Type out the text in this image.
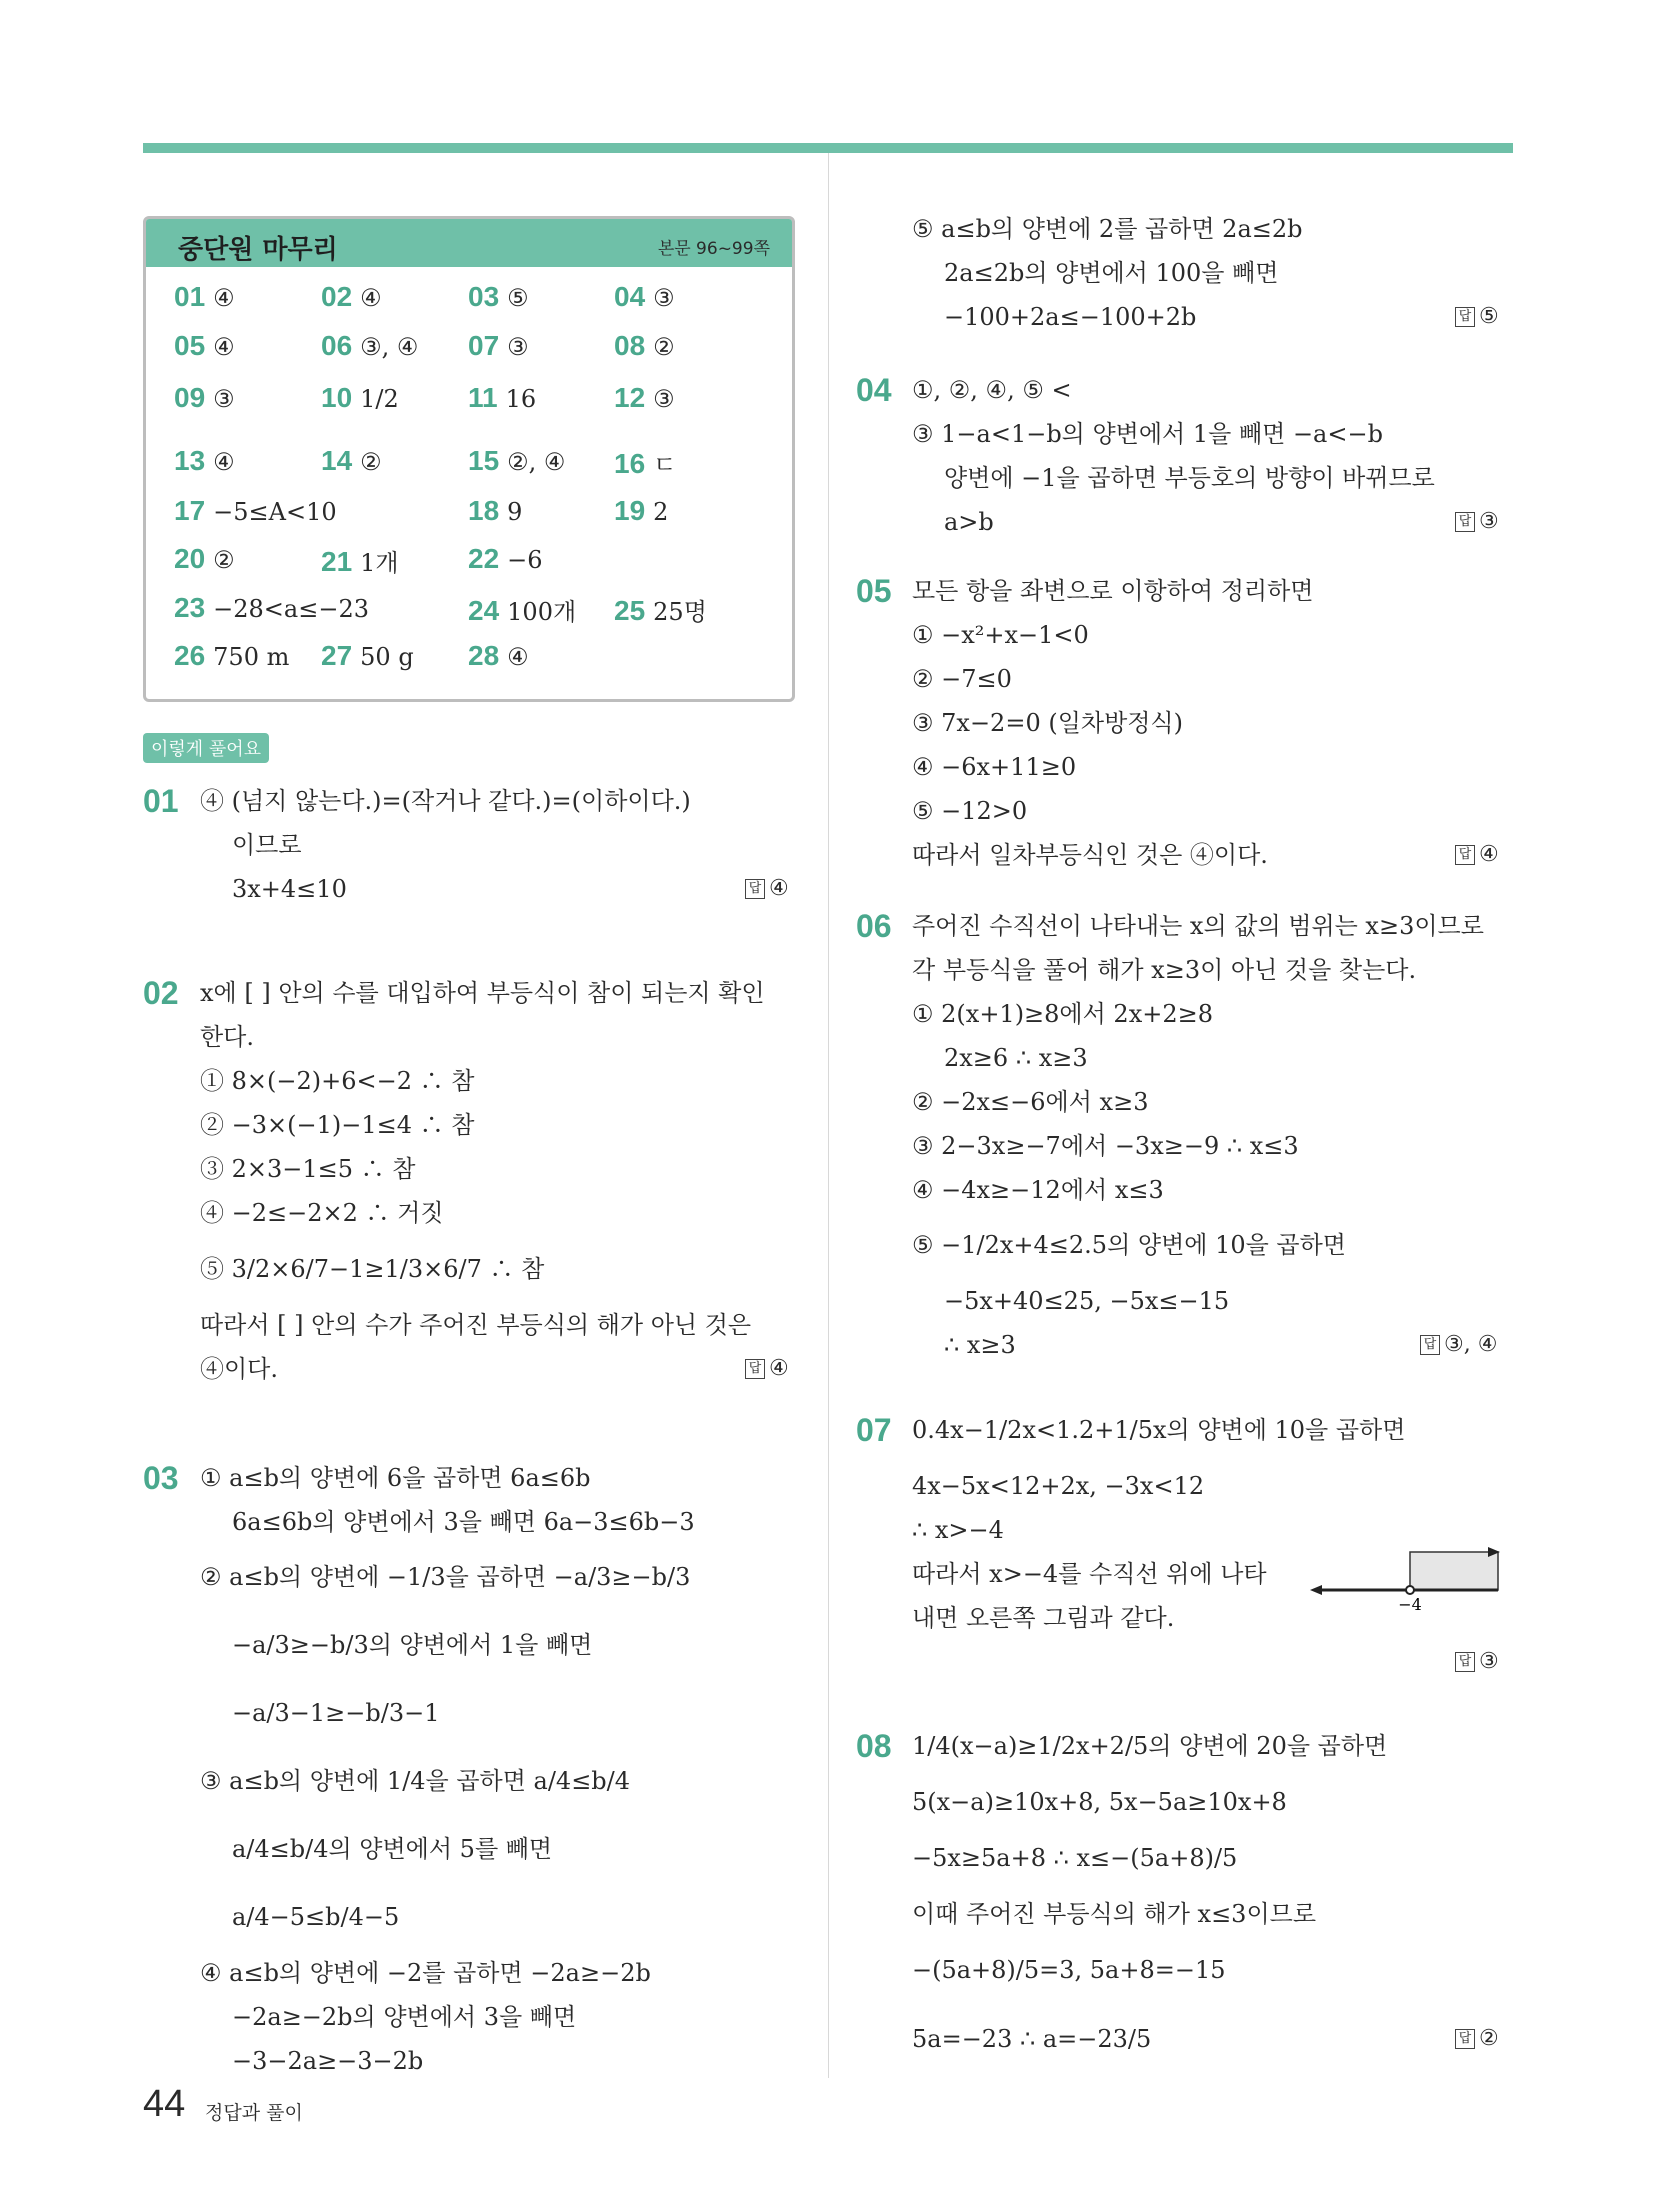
중단원 마무리	본문 96~99쪽
01 ④	02 ④	03 ⑤	04 ③
05 ④	06 ③, ④ 07 ③	08 ②
09 ③	10 1/2 11 16	12 ③
13 ④	14 ②	15 ②, ④ 16 ㄷ
17 −5≤A<10	18 9	19 2
20 ②	21 1개 22 −6
23 −28<a≤−23	24 100개 25 25명
26 750 m 27 50 g 28 ④
이렇게 풀어요
01 ④ (넘지 않는다.)=(작거나 같다.)=(이하이다.)
이므로
3x+4≤10	답 ④
02 x에 [ ] 안의 수를 대입하여 부등식이 참이 되는지 확인
한다.
① 8×(−2)+6<−2 ∴ 참
② −3×(−1)−1≤4 ∴ 참
③ 2×3−1≤5 ∴ 참
④ −2≤−2×2 ∴ 거짓
⑤ 3/2×6/7−1≥1/3×6/7 ∴ 참
따라서 [ ] 안의 수가 주어진 부등식의 해가 아닌 것은
④이다.	답 ④
03 ① a≤b의 양변에 6을 곱하면 6a≤6b
6a≤6b의 양변에서 3을 빼면 6a−3≤6b−3
② a≤b의 양변에 −1/3을 곱하면 −a/3≥−b/3
−a/3≥−b/3의 양변에서 1을 빼면
−a/3−1≥−b/3−1
③ a≤b의 양변에 1/4을 곱하면 a/4≤b/4
a/4≤b/4의 양변에서 5를 빼면
a/4−5≤b/4−5
④ a≤b의 양변에 −2를 곱하면 −2a≥−2b
−2a≥−2b의 양변에서 3을 빼면
−3−2a≥−3−2b
⑤ a≤b의 양변에 2를 곱하면 2a≤2b
2a≤2b의 양변에서 100을 빼면
−100+2a≤−100+2b	답 ⑤
04 ①, ②, ④, ⑤ <
③ 1−a<1−b의 양변에서 1을 빼면 −a<−b
양변에 −1을 곱하면 부등호의 방향이 바뀌므로
a>b	답 ③
05 모든 항을 좌변으로 이항하여 정리하면
① −x²+x−1<0
② −7≤0
③ 7x−2=0 (일차방정식)
④ −6x+11≥0
⑤ −12>0
따라서 일차부등식인 것은 ④이다.	답 ④
06 주어진 수직선이 나타내는 x의 값의 범위는 x≥3이므로
각 부등식을 풀어 해가 x≥3이 아닌 것을 찾는다.
① 2(x+1)≥8에서 2x+2≥8
2x≥6 ∴ x≥3
② −2x≤−6에서 x≥3
③ 2−3x≥−7에서 −3x≥−9 ∴ x≤3
④ −4x≥−12에서 x≤3
⑤ −1/2x+4≤2.5의 양변에 10을 곱하면
−5x+40≤25, −5x≤−15
∴ x≥3	답 ③, ④
07 0.4x−1/2x<1.2+1/5x의 양변에 10을 곱하면
4x−5x<12+2x, −3x<12
∴ x>−4
따라서 x>−4를 수직선 위에 나타
내면 오른쪽 그림과 같다.	−4
답 ③
08 1/4(x−a)≥1/2x+2/5의 양변에 20을 곱하면
5(x−a)≥10x+8, 5x−5a≥10x+8
−5x≥5a+8 ∴ x≤−(5a+8)/5
이때 주어진 부등식의 해가 x≤3이므로
−(5a+8)/5=3, 5a+8=−15
5a=−23 ∴ a=−23/5	답 ②
44 정답과 풀이
